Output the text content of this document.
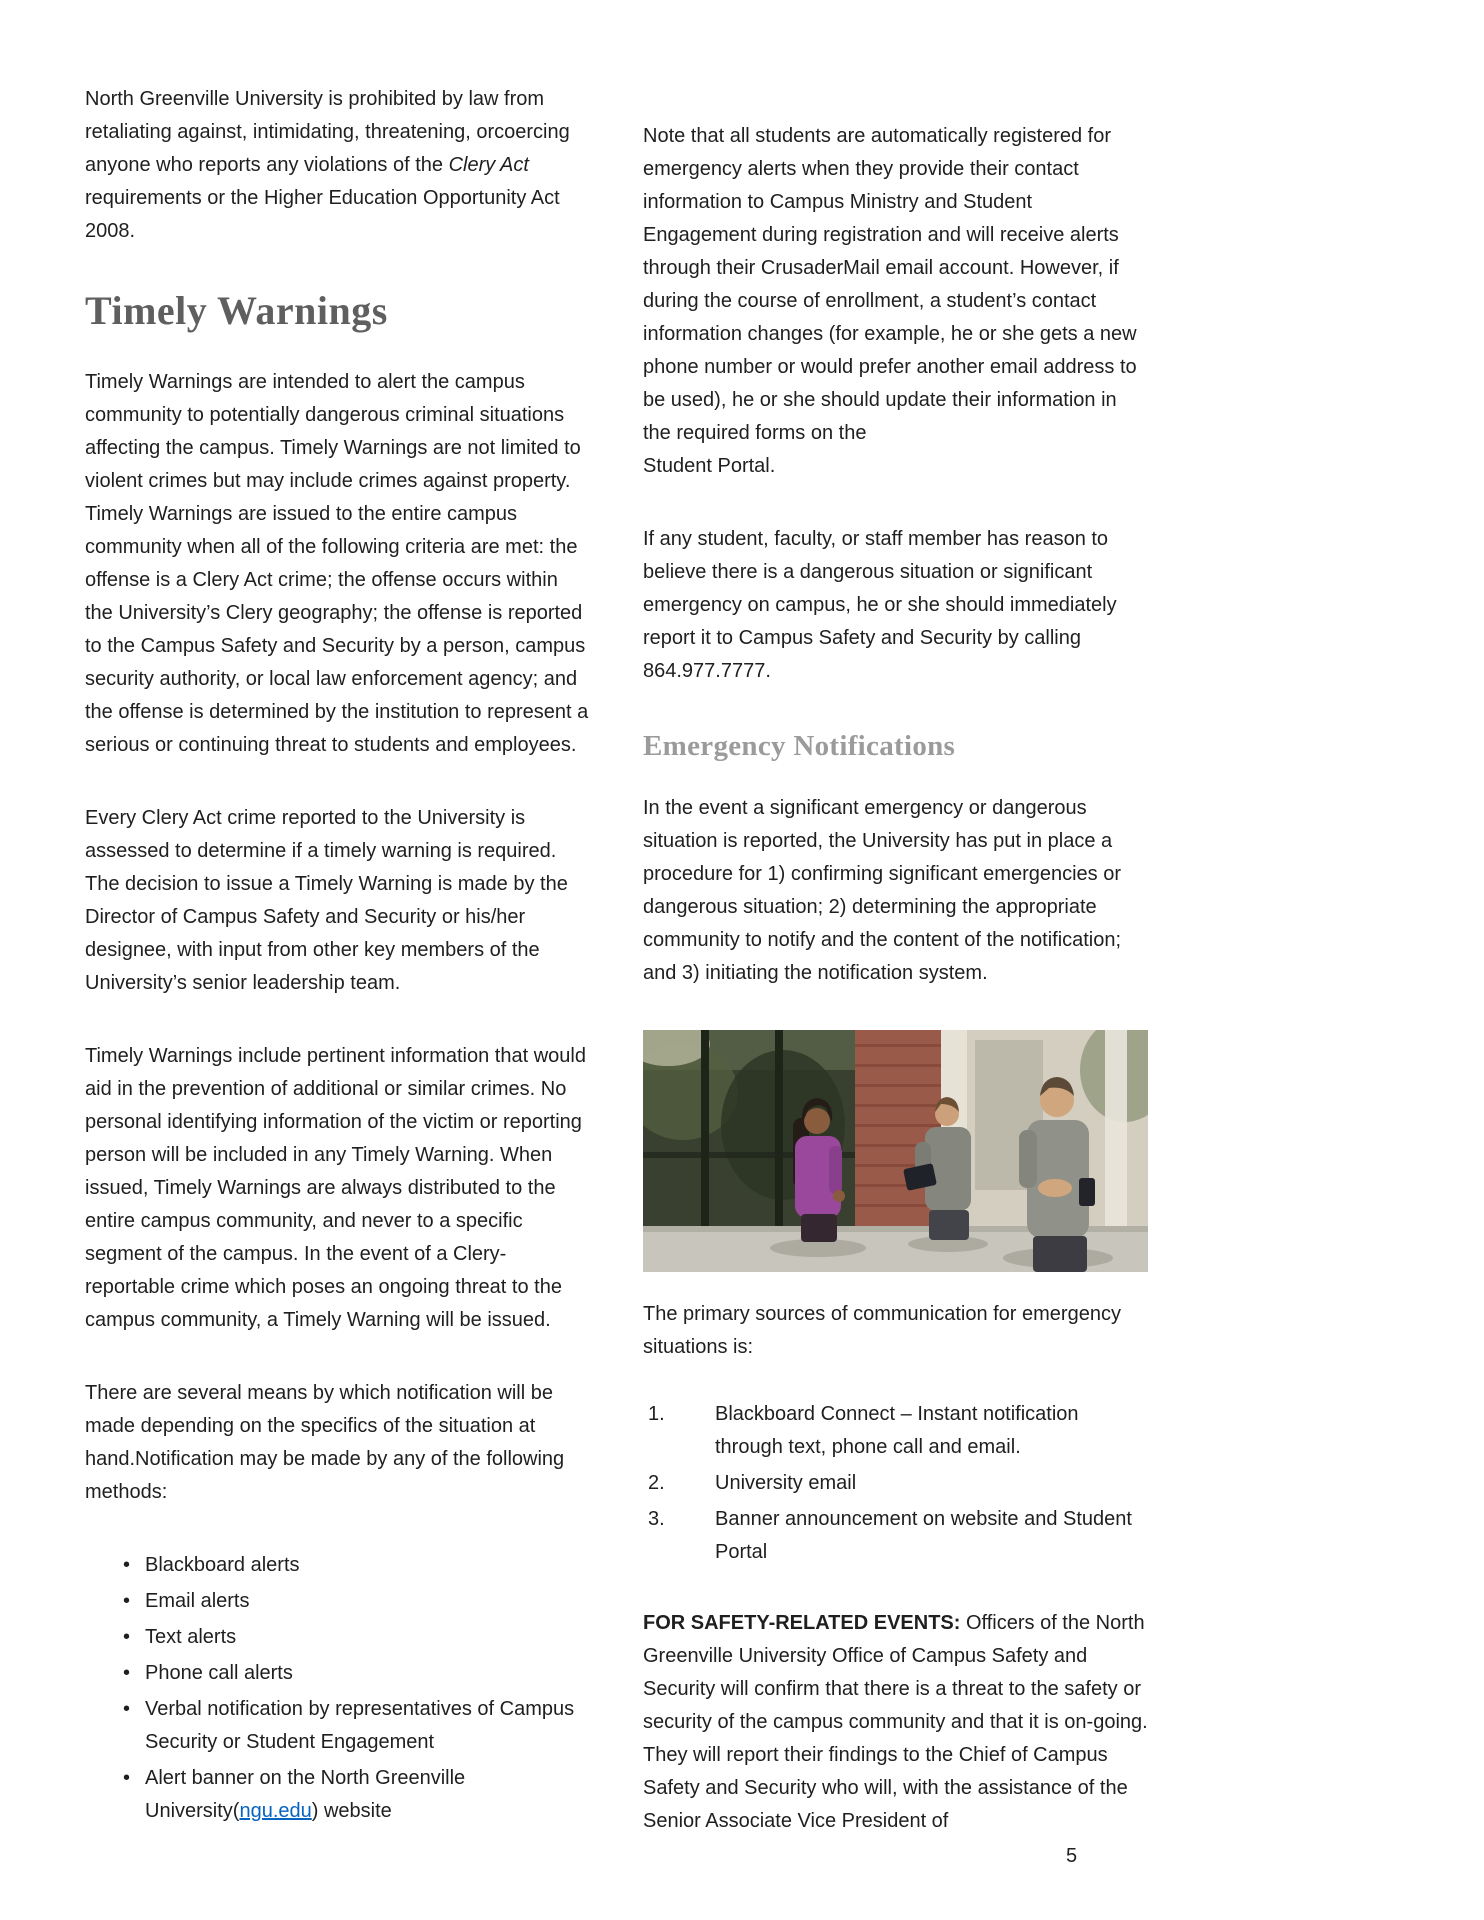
North Greenville University is prohibited by law from retaliating against, intimidating, threatening, orcoercing anyone who reports any violations of the Clery Act requirements or the Higher Education Opportunity Act 2008.

Timely Warnings

Timely Warnings are intended to alert the campus community to potentially dangerous criminal situations affecting the campus. Timely Warnings are not limited to violent crimes but may include crimes against property. Timely Warnings are issued to the entire campus community when all of the following criteria are met: the offense is a Clery Act crime; the offense occurs within the University’s Clery geography; the offense is reported to the Campus Safety and Security by a person, campus security authority, or local law enforcement agency; and the offense is determined by the institution to represent a serious or continuing threat to students and employees.

Every Clery Act crime reported to the University is assessed to determine if a timely warning is required. The decision to issue a Timely Warning is made by the Director of Campus Safety and Security or his/her designee, with input from other key members of the University’s senior leadership team.

Timely Warnings include pertinent information that would aid in the prevention of additional or similar crimes. No personal identifying information of the victim or reporting person will be included in any Timely Warning. When issued, Timely Warnings are always distributed to the entire campus community, and never to a specific segment of the campus. In the event of a Clery-reportable crime which poses an ongoing threat to the campus community, a Timely Warning will be issued.

There are several means by which notification will be made depending on the specifics of the situation at hand.Notification may be made by any of the following methods:

• Blackboard alerts
• Email alerts
• Text alerts
• Phone call alerts
• Verbal notification by representatives of Campus Security or Student Engagement
• Alert banner on the North Greenville University(ngu.edu) website

Note that all students are automatically registered for emergency alerts when they provide their contact information to Campus Ministry and Student Engagement during registration and will receive alerts through their CrusaderMail email account. However, if during the course of enrollment, a student’s contact information changes (for example, he or she gets a new phone number or would prefer another email address to be used), he or she should update their information in the required forms on the
Student Portal.

If any student, faculty, or staff member has reason to believe there is a dangerous situation or significant emergency on campus, he or she should immediately report it to Campus Safety and Security by calling 864.977.7777.

Emergency Notifications

In the event a significant emergency or dangerous situation is reported, the University has put in place a procedure for 1) confirming significant emergencies or dangerous situation; 2) determining the appropriate community to notify and the content of the notification; and 3) initiating the notification system.

The primary sources of communication for emergency situations is:

1.	Blackboard Connect – Instant notification through text, phone call and email.
2.	University email
3.	Banner announcement on website and Student Portal

FOR SAFETY-RELATED EVENTS: Officers of the North Greenville University Office of Campus Safety and Security will confirm that there is a threat to the safety or security of the campus community and that it is on-going. They will report their findings to the Chief of Campus Safety and Security who will, with the assistance of the Senior Associate Vice President of

5
